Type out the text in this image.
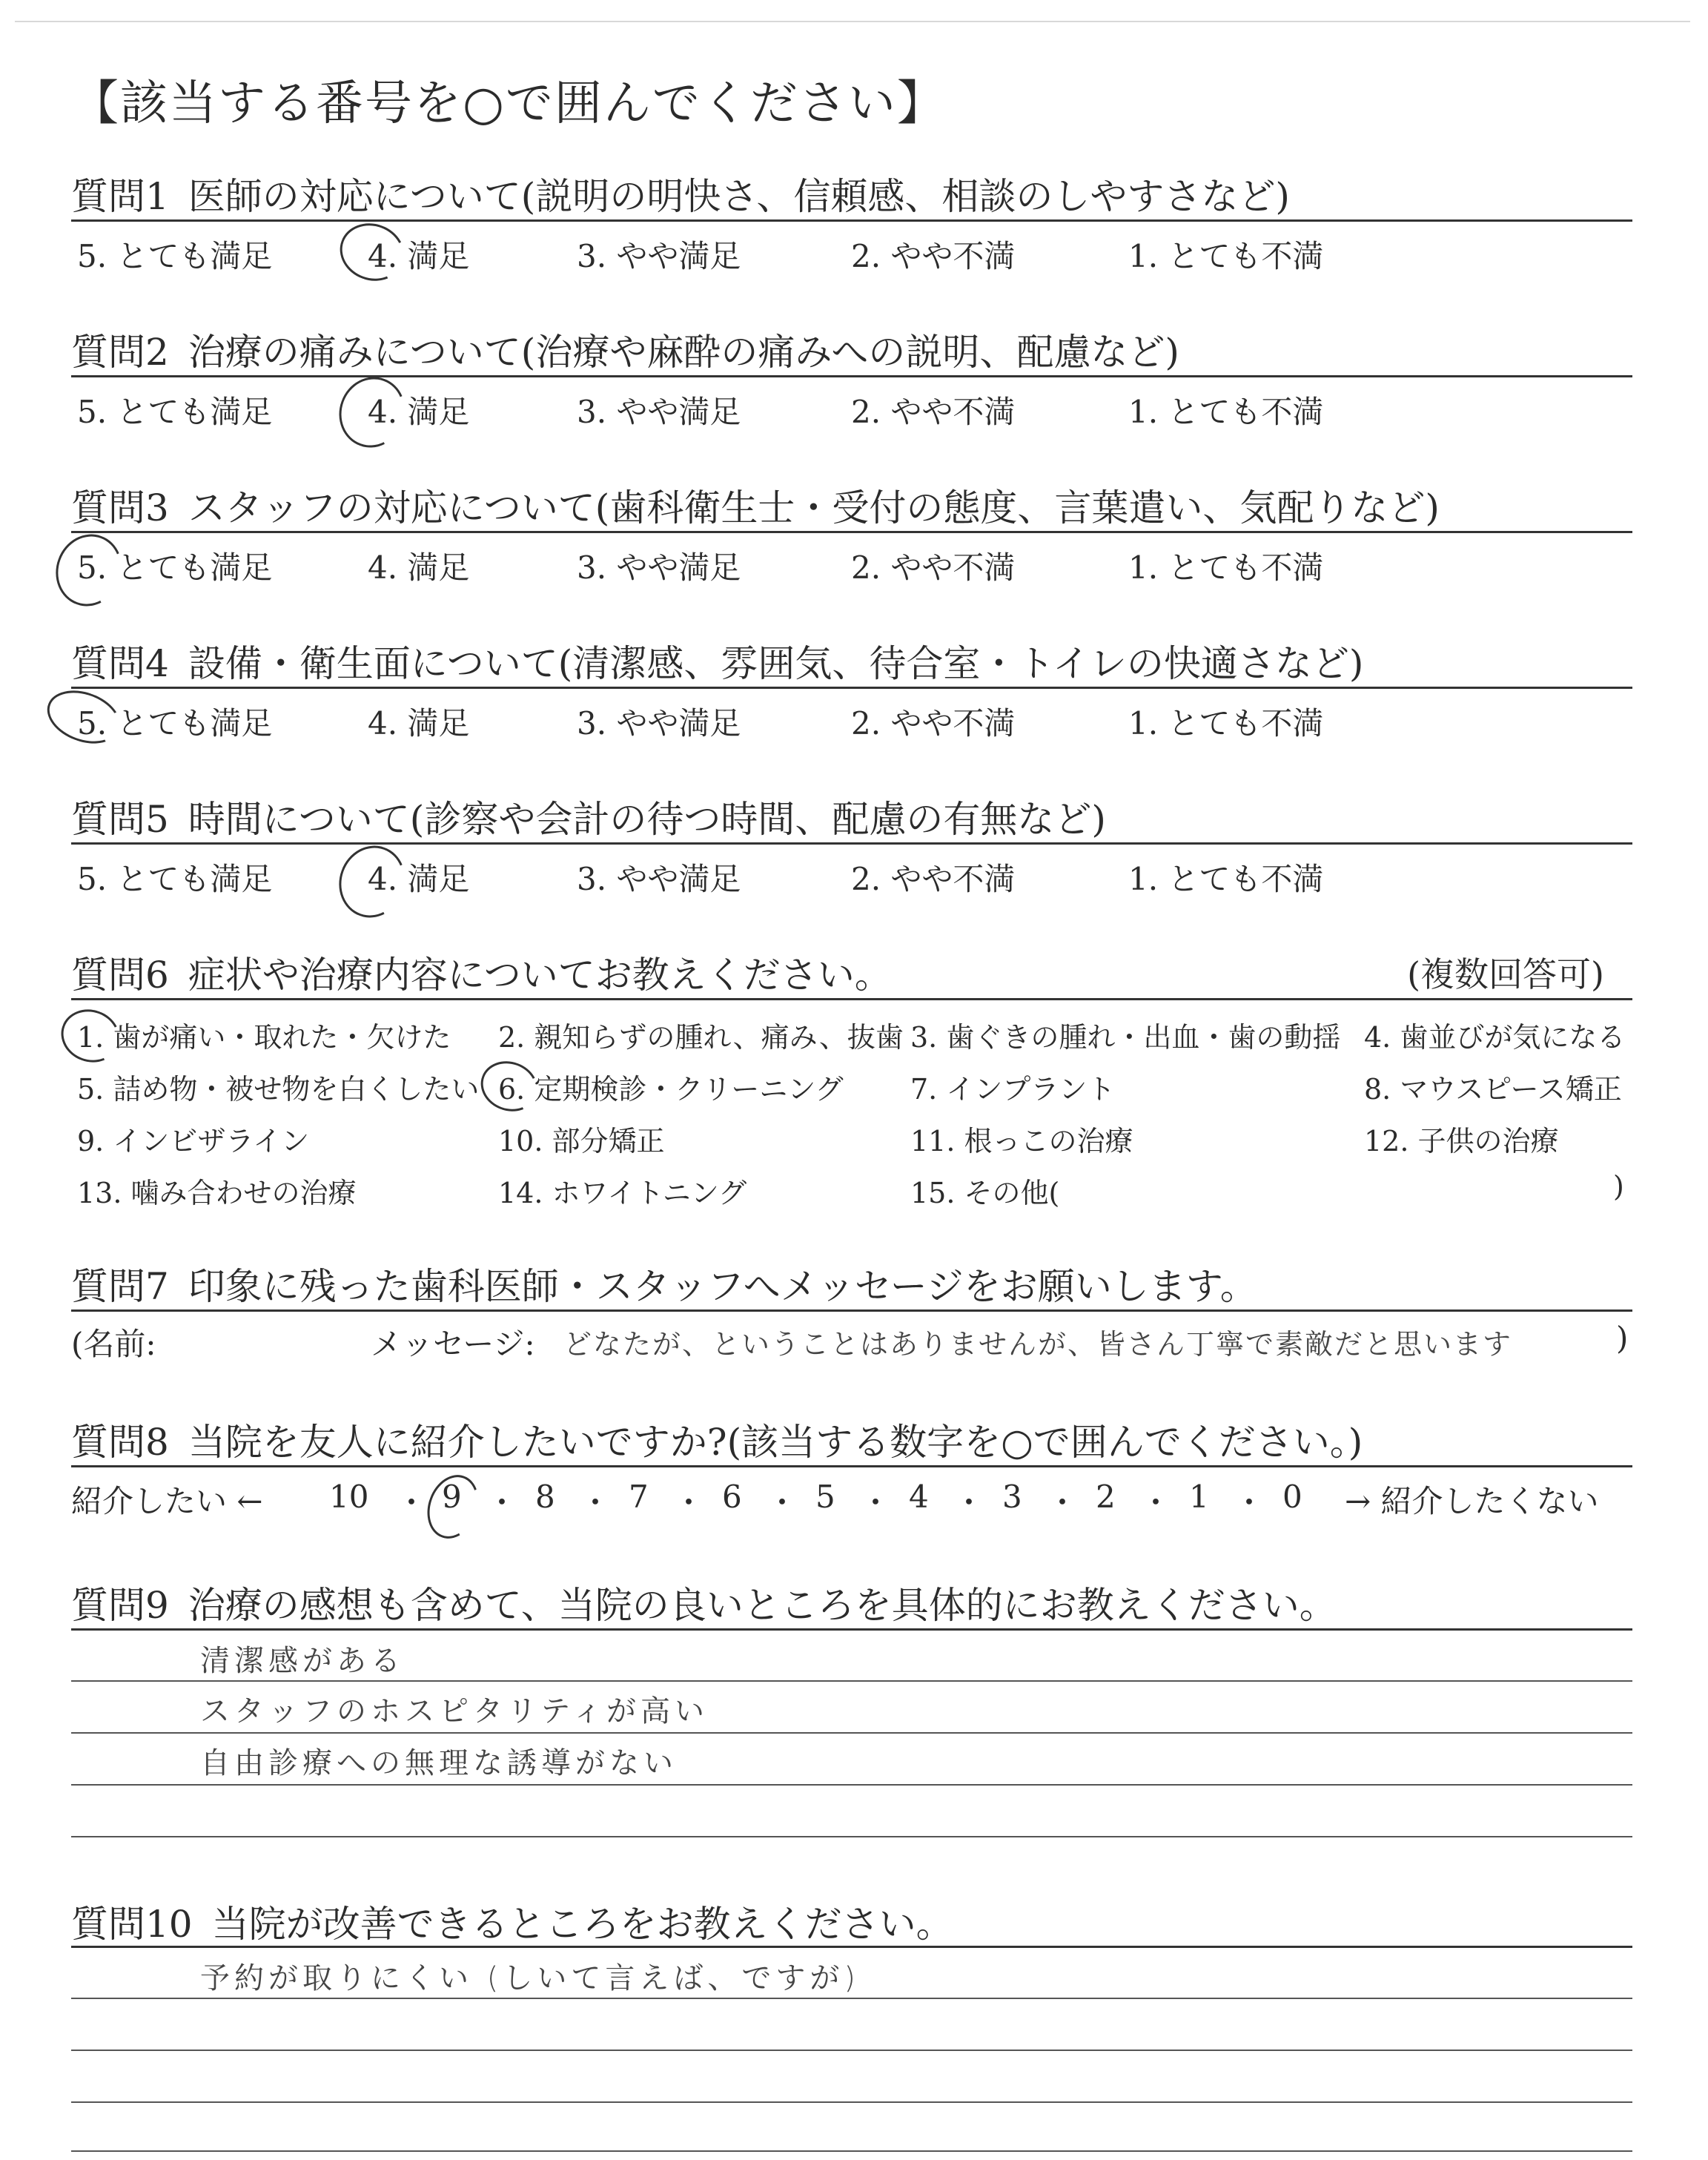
【該当する番号を○で囲んでください】
質問1 医師の対応について(説明の明快さ、信頼感、相談のしやすさなど)
5. とても満足	4. 満足	3. やや満足	2. やや不満	1. とても不満
質問2 治療の痛みについて(治療や麻酔の痛みへの説明、配慮など)
5. とても満足	4. 満足	3. やや満足	2. やや不満	1. とても不満
質問3 スタッフの対応について(歯科衛生士・受付の態度、言葉遣い、気配りなど)
5. とても満足	4. 満足	3. やや満足	2. やや不満	1. とても不満
質問4 設備・衛生面について(清潔感、雰囲気、待合室・トイレの快適さなど)
5. とても満足	4. 満足	3. やや満足	2. やや不満	1. とても不満
質問5 時間について(診察や会計の待つ時間、配慮の有無など)
5. とても満足	4. 満足	3. やや満足	2. やや不満	1. とても不満
質問6 症状や治療内容についてお教えください。	(複数回答可)
1. 歯が痛い・取れた・欠けた 2. 親知らずの腫れ、痛み、抜歯 3. 歯ぐきの腫れ・出血・歯の動揺 4. 歯並びが気になる
5. 詰め物・被せ物を白くしたい 6. 定期検診・クリーニング 7. インプラント	8. マウスピース矯正
9. インビザライン	10. 部分矯正	11. 根っこの治療	12. 子供の治療
13. 噛み合わせの治療	14. ホワイトニング	15. その他(	)
質問7 印象に残った歯科医師・スタッフへメッセージをお願いします。
(名前:	メッセージ: どなたが、ということはありませんが、皆さん丁寧で素敵だと思います	)
質問8 当院を友人に紹介したいですか?(該当する数字を○で囲んでください。)
紹介したい ←	→ 紹介したくない
10 ・ 9 ・ 8 ・ 7 ・ 6 ・ 5 ・ 4 ・ 3 ・ 2 ・ 1 ・ 0
質問9 治療の感想も含めて、当院の良いところを具体的にお教えください。
清潔感がある
スタッフのホスピタリティが高い
自由診療への無理な誘導がない
質問10 当院が改善できるところをお教えください。
予約が取りにくい (しいて言えば、ですが)
